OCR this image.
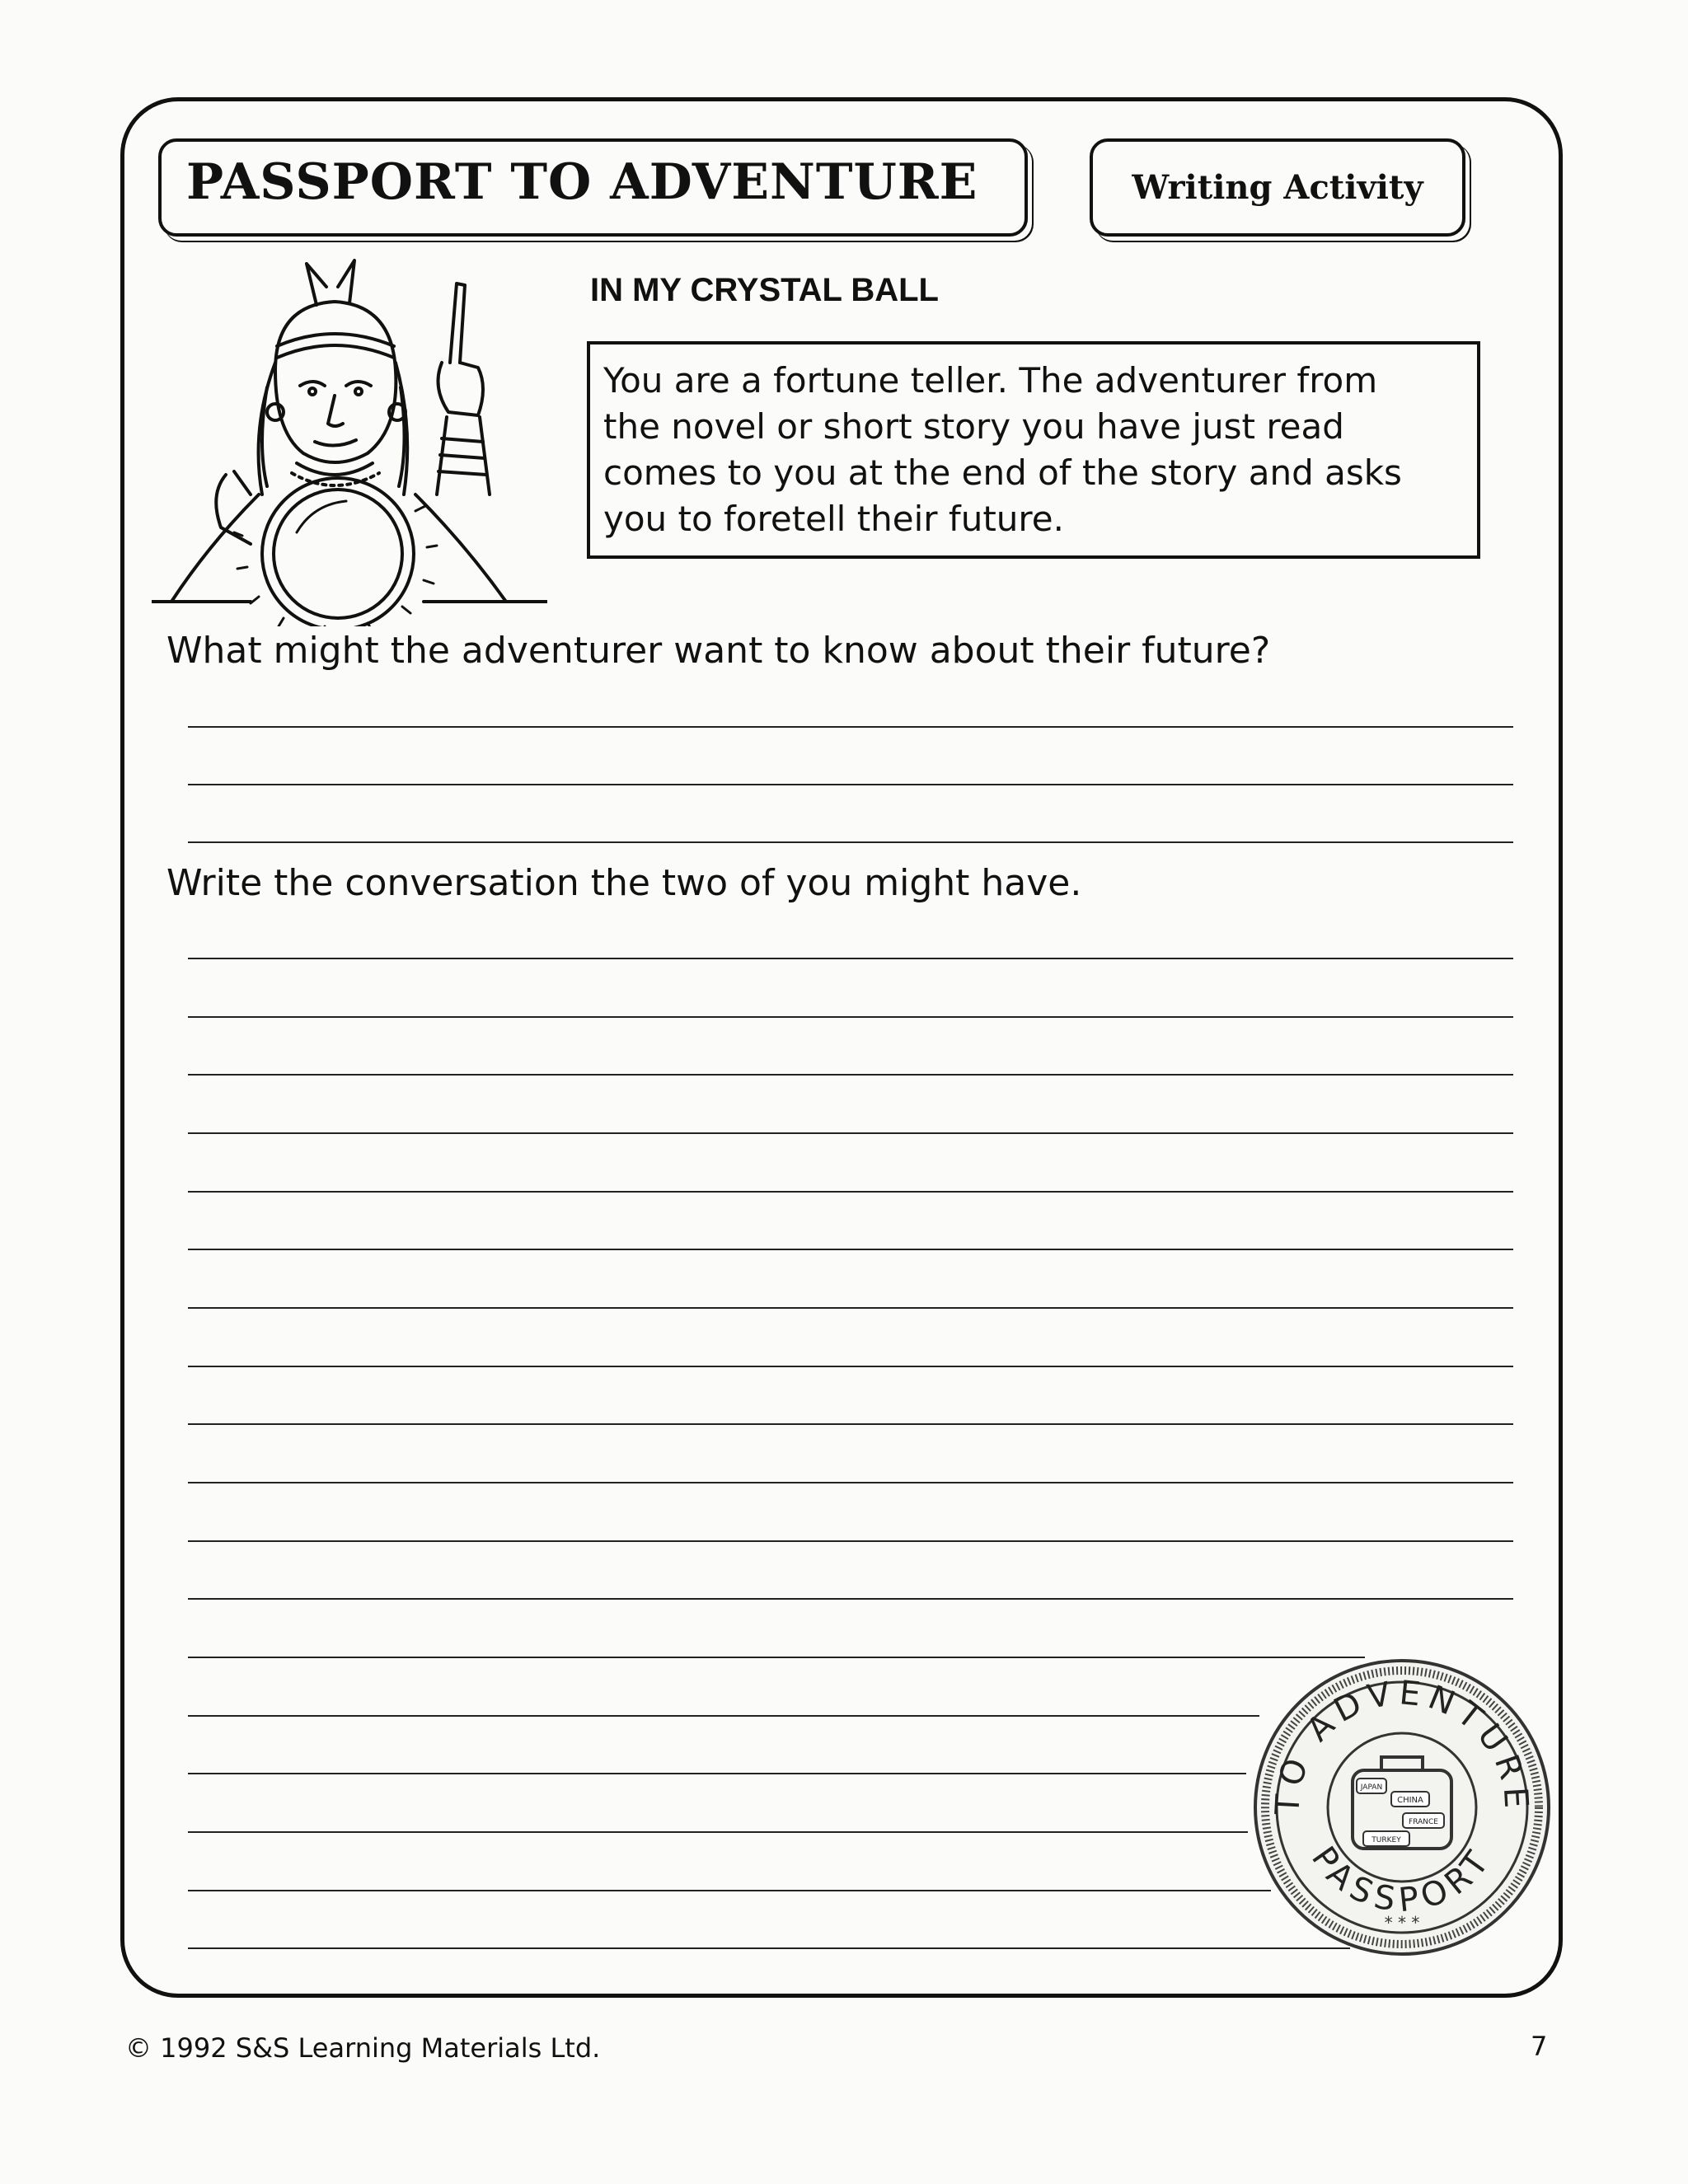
PASSPORT TO ADVENTURE	Writing Activity
IN MY CRYSTAL BALL
You are a fortune teller. The adventurer from
the novel or short story you have just read
comes to you at the end of the story and asks
you to foretell their future.
What might the adventurer want to know about their future?
Write the conversation the two of you might have.
TO ADVENTURE
PASSPORT
JAPAN
CHINA
FRANCE
TURKEY
* * *
© 1992 S&S Learning Materials Ltd.	7
